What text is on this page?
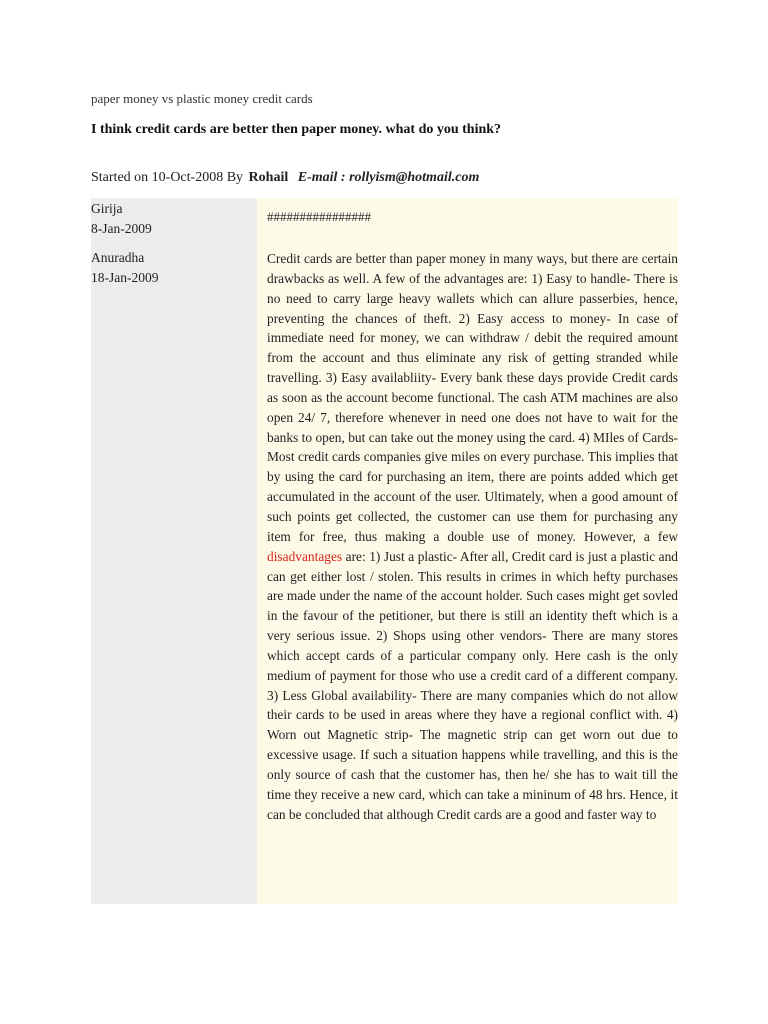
paper money vs plastic money credit cards
I think credit cards are better then paper money. what do you think?
Started on 10-Oct-2008 By Rohail E-mail : rollyism@hotmail.com
Girija
8-Jan-2009
################
Anuradha
18-Jan-2009
Credit cards are better than paper money in many ways, but there are certain drawbacks as well. A few of the advantages are: 1) Easy to handle- There is no need to carry large heavy wallets which can allure passerbies, hence, preventing the chances of theft. 2) Easy access to money- In case of immediate need for money, we can withdraw / debit the required amount from the account and thus eliminate any risk of getting stranded while travelling. 3) Easy availabliity- Every bank these days provide Credit cards as soon as the account become functional. The cash ATM machines are also open 24/ 7, therefore whenever in need one does not have to wait for the banks to open, but can take out the money using the card. 4) MIles of Cards- Most credit cards companies give miles on every purchase. This implies that by using the card for purchasing an item, there are points added which get accumulated in the account of the user. Ultimately, when a good amount of such points get collected, the customer can use them for purchasing any item for free, thus making a double use of money. However, a few disadvantages are: 1) Just a plastic- After all, Credit card is just a plastic and can get either lost / stolen. This results in crimes in which hefty purchases are made under the name of the account holder. Such cases might get sovled in the favour of the petitioner, but there is still an identity theft which is a very serious issue. 2) Shops using other vendors- There are many stores which accept cards of a particular company only. Here cash is the only medium of payment for those who use a credit card of a different company. 3) Less Global availability- There are many companies which do not allow their cards to be used in areas where they have a regional conflict with. 4) Worn out Magnetic strip- The magnetic strip can get worn out due to excessive usage. If such a situation happens while travelling, and this is the only source of cash that the customer has, then he/ she has to wait till the time they receive a new card, which can take a mininum of 48 hrs. Hence, it can be concluded that although Credit cards are a good and faster way to
